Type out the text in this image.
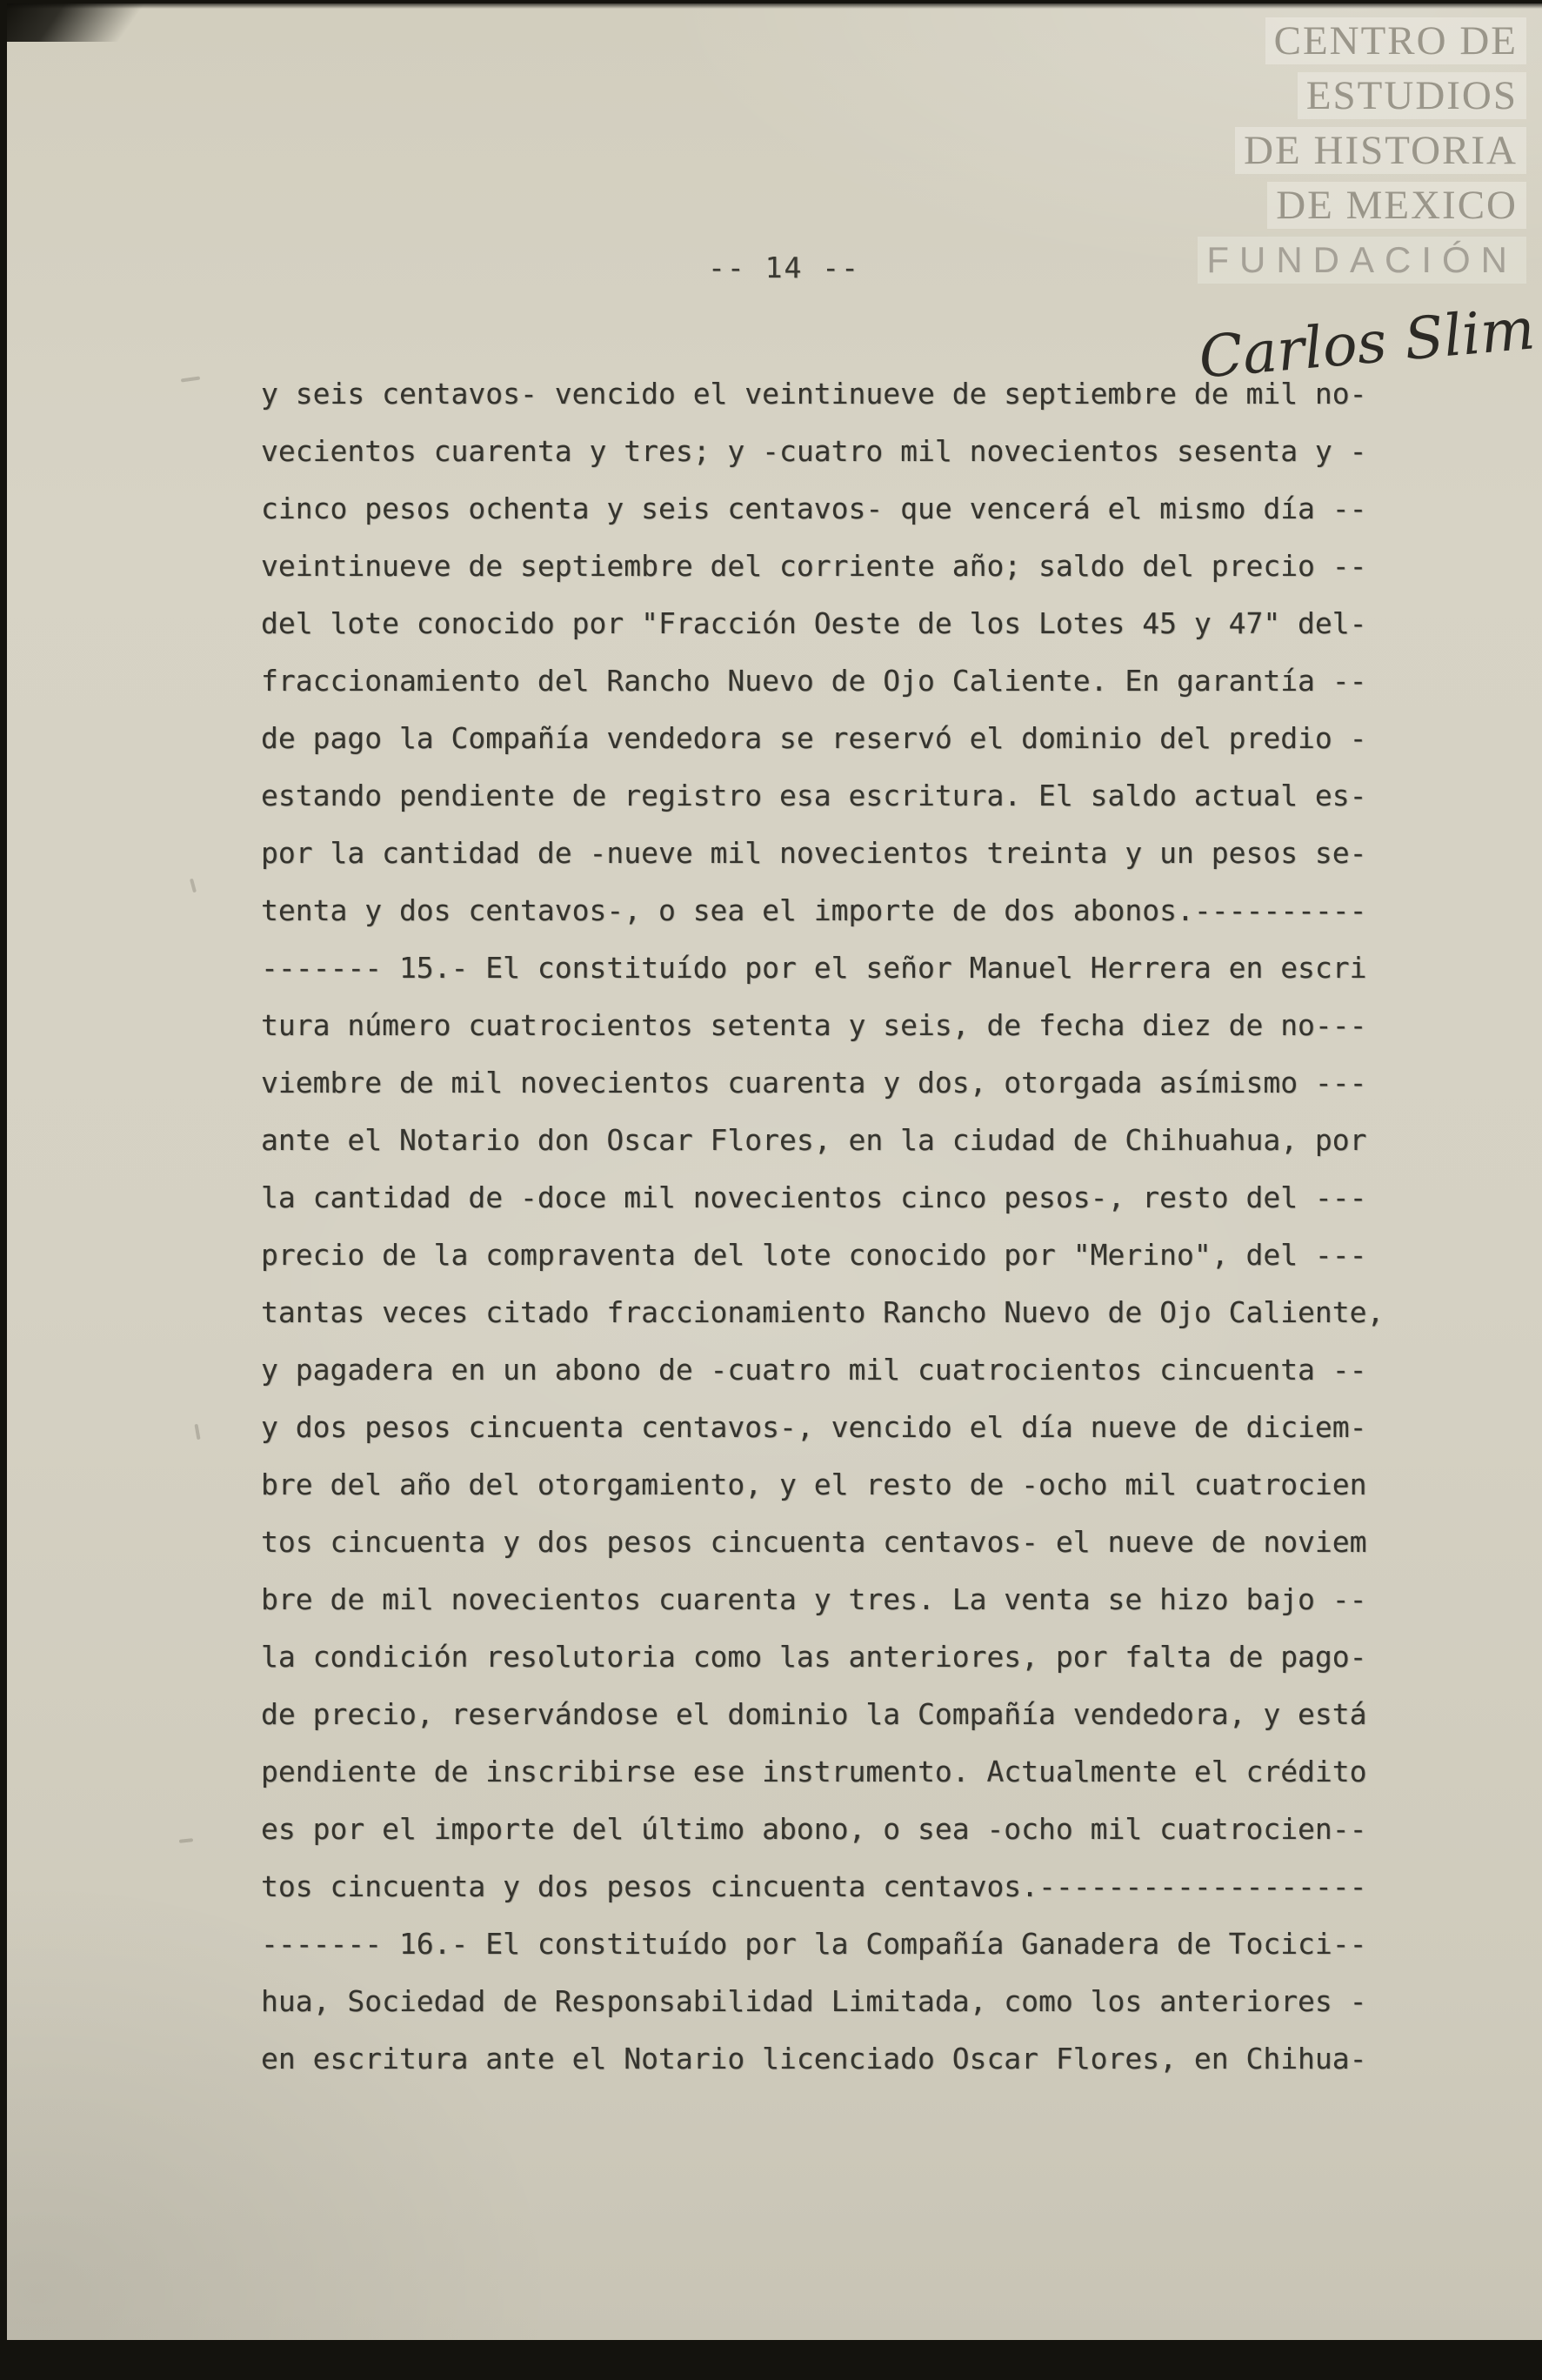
CENTRO DE
ESTUDIOS
DE HISTORIA
DE MEXICO
FUNDACIÓN
Carlos Slim
-- 14 --
y seis centavos- vencido el veintinueve de septiembre de mil no-
vecientos cuarenta y tres; y -cuatro mil novecientos sesenta y -
cinco pesos ochenta y seis centavos- que vencerá el mismo día --
veintinueve de septiembre del corriente año; saldo del precio --
del lote conocido por "Fracción Oeste de los Lotes 45 y 47" del-
fraccionamiento del Rancho Nuevo de Ojo Caliente. En garantía --
de pago la Compañía vendedora se reservó el dominio del predio -
estando pendiente de registro esa escritura. El saldo actual es-
por la cantidad de -nueve mil novecientos treinta y un pesos se-
tenta y dos centavos-, o sea el importe de dos abonos.----------
------- 15.- El constituído por el señor Manuel Herrera en escri
tura número cuatrocientos setenta y seis, de fecha diez de no---
viembre de mil novecientos cuarenta y dos, otorgada asímismo ---
ante el Notario don Oscar Flores, en la ciudad de Chihuahua, por
la cantidad de -doce mil novecientos cinco pesos-, resto del ---
precio de la compraventa del lote conocido por "Merino", del ---
tantas veces citado fraccionamiento Rancho Nuevo de Ojo Caliente,
y pagadera en un abono de -cuatro mil cuatrocientos cincuenta --
y dos pesos cincuenta centavos-, vencido el día nueve de diciem-
bre del año del otorgamiento, y el resto de -ocho mil cuatrocien
tos cincuenta y dos pesos cincuenta centavos- el nueve de noviem
bre de mil novecientos cuarenta y tres. La venta se hizo bajo --
la condición resolutoria como las anteriores, por falta de pago-
de precio, reservándose el dominio la Compañía vendedora, y está
pendiente de inscribirse ese instrumento. Actualmente el crédito
es por el importe del último abono, o sea -ocho mil cuatrocien--
tos cincuenta y dos pesos cincuenta centavos.-------------------
------- 16.- El constituído por la Compañía Ganadera de Tocici--
hua, Sociedad de Responsabilidad Limitada, como los anteriores -
en escritura ante el Notario licenciado Oscar Flores, en Chihua-
